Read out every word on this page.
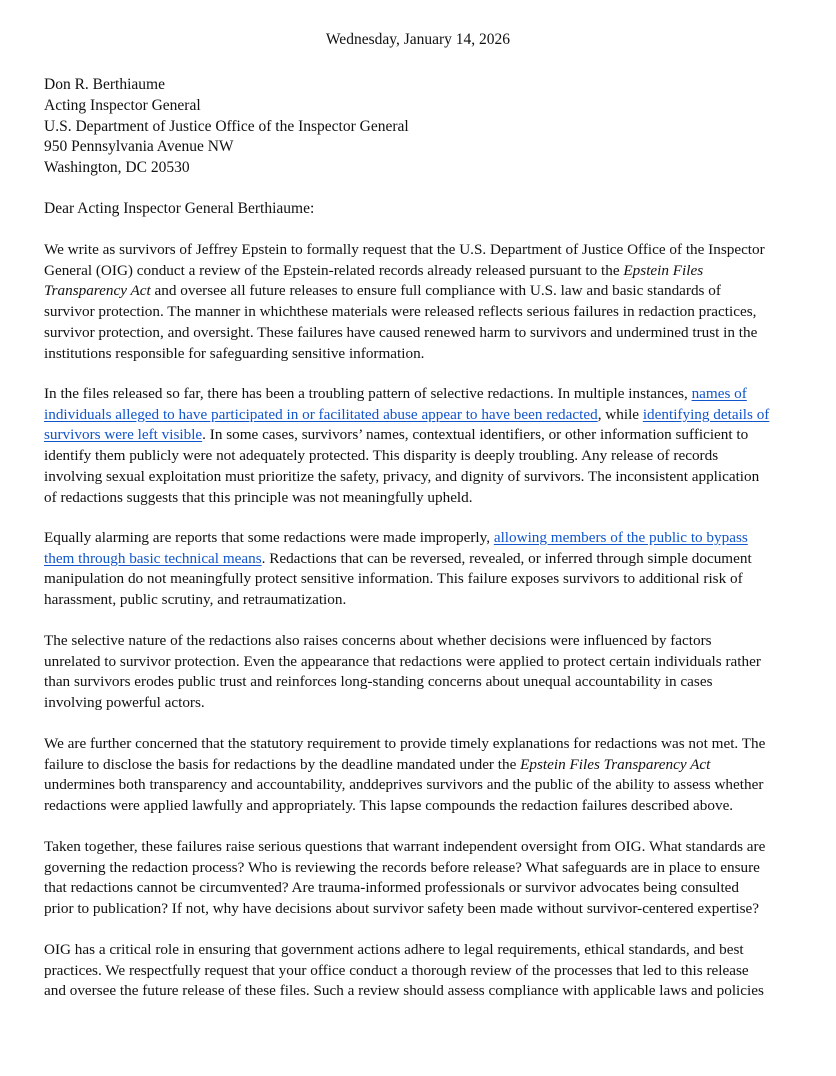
Wednesday, January 14, 2026
Don R. Berthiaume
Acting Inspector General
U.S. Department of Justice Office of the Inspector General
950 Pennsylvania Avenue NW
Washington, DC 20530
Dear Acting Inspector General Berthiaume:
We write as survivors of Jeffrey Epstein to formally request that the U.S. Department of Justice Office of the Inspector
General (OIG) conduct a review of the Epstein-related records already released pursuant to the Epstein Files
Transparency Act and oversee all future releases to ensure full compliance with U.S. law and basic standards of
survivor protection. The manner in whichthese materials were released reflects serious failures in redaction practices,
survivor protection, and oversight. These failures have caused renewed harm to survivors and undermined trust in the
institutions responsible for safeguarding sensitive information.
In the files released so far, there has been a troubling pattern of selective redactions. In multiple instances, names of
individuals alleged to have participated in or facilitated abuse appear to have been redacted, while identifying details of
survivors were left visible. In some cases, survivors’ names, contextual identifiers, or other information sufficient to
identify them publicly were not adequately protected. This disparity is deeply troubling. Any release of records
involving sexual exploitation must prioritize the safety, privacy, and dignity of survivors. The inconsistent application
of redactions suggests that this principle was not meaningfully upheld.
Equally alarming are reports that some redactions were made improperly, allowing members of the public to bypass
them through basic technical means. Redactions that can be reversed, revealed, or inferred through simple document
manipulation do not meaningfully protect sensitive information. This failure exposes survivors to additional risk of
harassment, public scrutiny, and retraumatization.
The selective nature of the redactions also raises concerns about whether decisions were influenced by factors
unrelated to survivor protection. Even the appearance that redactions were applied to protect certain individuals rather
than survivors erodes public trust and reinforces long-standing concerns about unequal accountability in cases
involving powerful actors.
We are further concerned that the statutory requirement to provide timely explanations for redactions was not met. The
failure to disclose the basis for redactions by the deadline mandated under the Epstein Files Transparency Act
undermines both transparency and accountability, anddeprives survivors and the public of the ability to assess whether
redactions were applied lawfully and appropriately. This lapse compounds the redaction failures described above.
Taken together, these failures raise serious questions that warrant independent oversight from OIG. What standards are
governing the redaction process? Who is reviewing the records before release? What safeguards are in place to ensure
that redactions cannot be circumvented? Are trauma-informed professionals or survivor advocates being consulted
prior to publication? If not, why have decisions about survivor safety been made without survivor-centered expertise?
OIG has a critical role in ensuring that government actions adhere to legal requirements, ethical standards, and best
practices. We respectfully request that your office conduct a thorough review of the processes that led to this release
and oversee the future release of these files. Such a review should assess compliance with applicable laws and policies
